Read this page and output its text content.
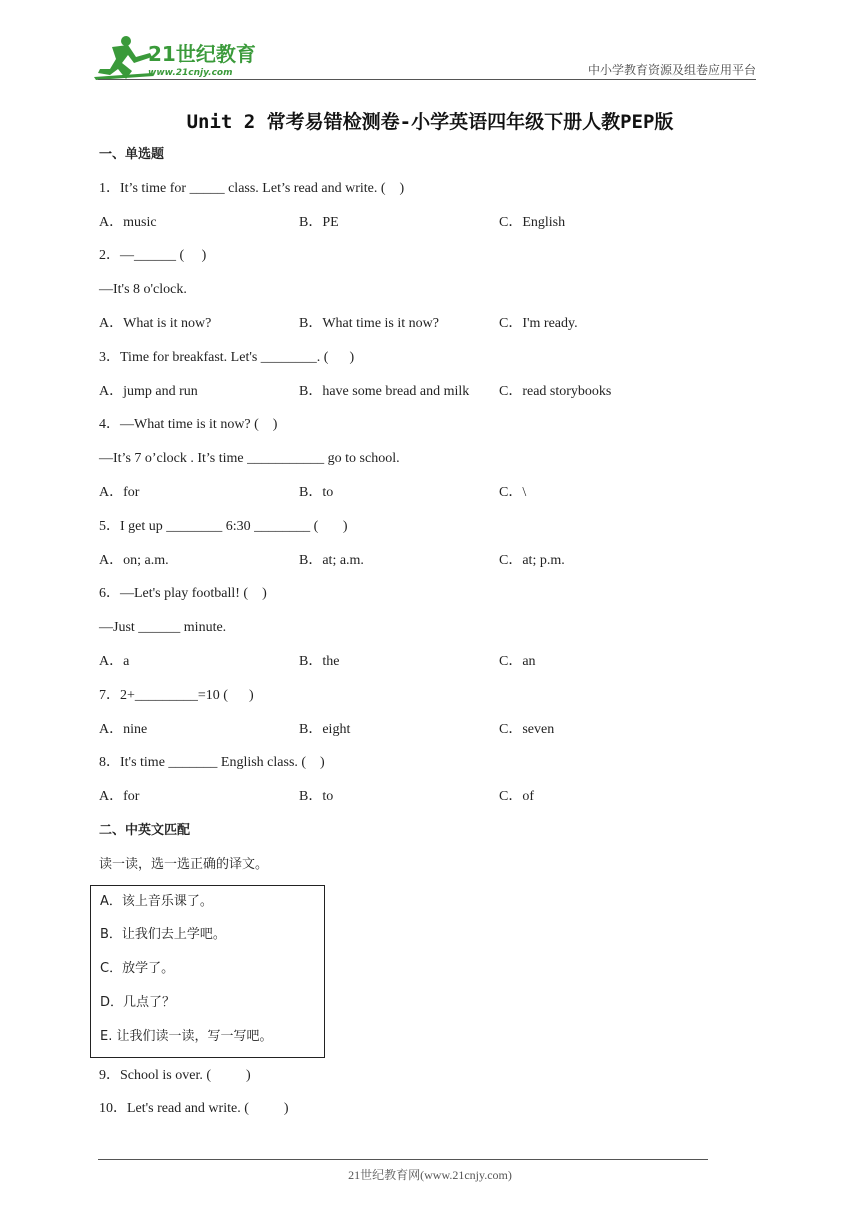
21世纪教育
www.21cnjy.com	中小学教育资源及组卷应用平台
Unit 2 常考易错检测卷-小学英语四年级下册人教PEP版
一、单选题
1．It’s time for _____ class. Let’s read and write. (    )
A．music	B．PE	C．English
2．—______ (     )
—It's 8 o'clock.
A．What is it now?	B．What time is it now?	C．I'm ready.
3．Time for breakfast. Let's ________. (      )
A．jump and run	B．have some bread and milk	C．read storybooks
4．—What time is it now? (    )
—It’s 7 o’clock . It’s time ___________ go to school.
A．for	B．to	C．\
5．I get up ________ 6:30 ________ (       )
A．on; a.m.	B．at; a.m.	C．at; p.m.
6．—Let's play football! (    )
—Just ______ minute.
A．a	B．the	C．an
7．2+_________=10 (      )
A．nine	B．eight	C．seven
8．It's time _______ English class. (    )
A．for	B．to	C．of
二、中英文匹配
读一读，选一选正确的译文。
A．该上音乐课了。
B．让我们去上学吧。
C．放学了。
D．几点了？
E. 让我们读一读，写一写吧。
9．School is over. (          )
10．Let's read and write. (          )
21世纪教育网(www.21cnjy.com)
